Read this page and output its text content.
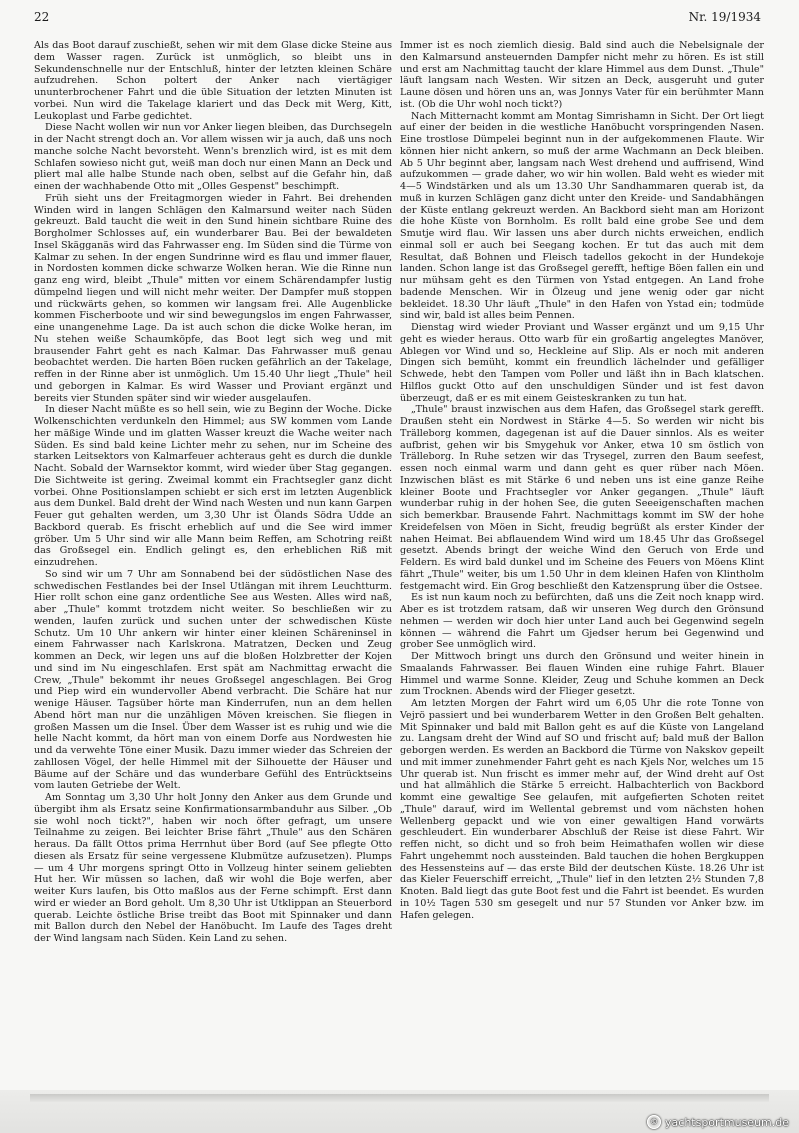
22	Nr. 19/1934

Als das Boot darauf zuschießt, sehen wir mit dem Glase dicke Steine aus dem Wasser ragen. Zurück ist unmöglich, so bleibt uns in Sekundenschnelle nur der Entschluß, hinter der letzten kleinen Schäre aufzudrehen. Schon poltert der Anker nach viertägiger ununterbrochener Fahrt und die üble Situation der letzten Minuten ist vorbei. Nun wird die Takelage klariert und das Deck mit Werg, Kitt, Leukoplast und Farbe gedichtet.

Diese Nacht wollen wir nun vor Anker liegen bleiben, das Durchsegeln in der Nacht strengt doch an. Vor allem wissen wir ja auch, daß uns noch manche solche Nacht bevorsteht. Wenn's brenzlich wird, ist es mit dem Schlafen sowieso nicht gut, weiß man doch nur einen Mann an Deck und pliert mal alle halbe Stunde nach oben, selbst auf die Gefahr hin, daß einen der wachhabende Otto mit „Olles Gespenst" beschimpft.

Früh sieht uns der Freitagmorgen wieder in Fahrt. Bei drehenden Winden wird in langen Schlägen den Kalmarsund weiter nach Süden gekreuzt. Bald taucht die weit in den Sund hinein sichtbare Ruine des Borgholmer Schlosses auf, ein wunderbarer Bau. Bei der bewaldeten Insel Skägganäs wird das Fahrwasser eng. Im Süden sind die Türme von Kalmar zu sehen. In der engen Sundrinne wird es flau und immer flauer, in Nordosten kommen dicke schwarze Wolken heran. Wie die Rinne nun ganz eng wird, bleibt „Thule" mitten vor einem Schärendampfer lustig dümpelnd liegen und will nicht mehr weiter. Der Dampfer muß stoppen und rückwärts gehen, so kommen wir langsam frei. Alle Augenblicke kommen Fischerboote und wir sind bewegungslos im engen Fahrwasser, eine unangenehme Lage. Da ist auch schon die dicke Wolke heran, im Nu stehen weiße Schaumköpfe, das Boot legt sich weg und mit brausender Fahrt geht es nach Kalmar. Das Fahrwasser muß genau beobachtet werden. Die harten Böen rucken gefährlich an der Takelage, reffen in der Rinne aber ist unmöglich. Um 15.40 Uhr liegt „Thule" heil und geborgen in Kalmar. Es wird Wasser und Proviant ergänzt und bereits vier Stunden später sind wir wieder ausgelaufen.

In dieser Nacht müßte es so hell sein, wie zu Beginn der Woche. Dicke Wolkenschichten verdunkeln den Himmel; aus SW kommen vom Lande her mäßige Winde und im glatten Wasser kreuzt die Wache weiter nach Süden. Es sind bald keine Lichter mehr zu sehen, nur im Scheine des starken Leitsektors von Kalmarfeuer achteraus geht es durch die dunkle Nacht. Sobald der Warnsektor kommt, wird wieder über Stag gegangen. Die Sichtweite ist gering. Zweimal kommt ein Frachtsegler ganz dicht vorbei. Ohne Positionslampen schiebt er sich erst im letzten Augenblick aus dem Dunkel. Bald dreht der Wind nach Westen und nun kann Garpen Feuer gut gehalten werden, um 3,30 Uhr ist Ölands Södra Udde an Backbord querab. Es frischt erheblich auf und die See wird immer gröber. Um 5 Uhr sind wir alle Mann beim Reffen, am Schotring reißt das Großsegel ein. Endlich gelingt es, den erheblichen Riß mit einzudrehen.

So sind wir um 7 Uhr am Sonnabend bei der südöstlichen Nase des schwedischen Festlandes bei der Insel Utlängan mit ihrem Leuchtturm. Hier rollt schon eine ganz ordentliche See aus Westen. Alles wird naß, aber „Thule" kommt trotzdem nicht weiter. So beschließen wir zu wenden, laufen zurück und suchen unter der schwedischen Küste Schutz. Um 10 Uhr ankern wir hinter einer kleinen Schäreninsel in einem Fahrwasser nach Karlskrona. Matratzen, Decken und Zeug kommen an Deck, wir legen uns auf die bloßen Holzbretter der Kojen und sind im Nu eingeschlafen. Erst spät am Nachmittag erwacht die Crew, „Thule" bekommt ihr neues Großsegel angeschlagen. Bei Grog und Piep wird ein wundervoller Abend verbracht. Die Schäre hat nur wenige Häuser. Tagsüber hörte man Kinderrufen, nun an dem hellen Abend hört man nur die unzähligen Möven kreischen. Sie fliegen in großen Massen um die Insel. Über dem Wasser ist es ruhig und wie die helle Nacht kommt, da hört man von einem Dorfe aus Nordwesten hie und da verwehte Töne einer Musik. Dazu immer wieder das Schreien der zahllosen Vögel, der helle Himmel mit der Silhouette der Häuser und Bäume auf der Schäre und das wunderbare Gefühl des Entrücktseins vom lauten Getriebe der Welt.

Am Sonntag um 3,30 Uhr holt Jonny den Anker aus dem Grunde und übergibt ihm als Ersatz seine Konfirmationsarmbanduhr aus Silber. „Ob sie wohl noch tickt?", haben wir noch öfter gefragt, um unsere Teilnahme zu zeigen. Bei leichter Brise fährt „Thule" aus den Schären heraus. Da fällt Ottos prima Herrnhut über Bord (auf See pflegte Otto diesen als Ersatz für seine vergessene Klubmütze aufzusetzen). Plumps — um 4 Uhr morgens springt Otto in Vollzeug hinter seinem geliebten Hut her. Wir müssen so lachen, daß wir wohl die Boje werfen, aber weiter Kurs laufen, bis Otto maßlos aus der Ferne schimpft. Erst dann wird er wieder an Bord geholt. Um 8,30 Uhr ist Utklippan an Steuerbord querab. Leichte östliche Brise treibt das Boot mit Spinnaker und dann mit Ballon durch den Nebel der Hanöbucht. Im Laufe des Tages dreht der Wind langsam nach Süden. Kein Land zu sehen.

Immer ist es noch ziemlich diesig. Bald sind auch die Nebelsignale der den Kalmarsund ansteuernden Dampfer nicht mehr zu hören. Es ist still und erst am Nachmittag taucht der klare Himmel aus dem Dunst. „Thule" läuft langsam nach Westen. Wir sitzen an Deck, ausgeruht und guter Laune dösen und hören uns an, was Jonnys Vater für ein berühmter Mann ist. (Ob die Uhr wohl noch tickt?)

Nach Mitternacht kommt am Montag Simrishamn in Sicht. Der Ort liegt auf einer der beiden in die westliche Hanöbucht vorspringenden Nasen. Eine trostlose Dümpelei beginnt nun in der aufgekommenen Flaute. Wir können hier nicht ankern, so muß der arme Wachmann an Deck bleiben. Ab 5 Uhr beginnt aber, langsam nach West drehend und auffrisend, Wind aufzukommen — grade daher, wo wir hin wollen. Bald weht es wieder mit 4—5 Windstärken und als um 13.30 Uhr Sandhammaren querab ist, da muß in kurzen Schlägen ganz dicht unter den Kreide- und Sandabhängen der Küste entlang gekreuzt werden. An Backbord sieht man am Horizont die hohe Küste von Bornholm. Es rollt bald eine grobe See und dem Smutje wird flau. Wir lassen uns aber durch nichts erweichen, endlich einmal soll er auch bei Seegang kochen. Er tut das auch mit dem Resultat, daß Bohnen und Fleisch tadellos gekocht in der Hundekoje landen. Schon lange ist das Großsegel gerefft, heftige Böen fallen ein und nur mühsam geht es den Türmen von Ystad entgegen. An Land frohe badende Menschen. Wir in Ölzeug und jene wenig oder gar nicht bekleidet. 18.30 Uhr läuft „Thule" in den Hafen von Ystad ein; todmüde sind wir, bald ist alles beim Pennen.

Dienstag wird wieder Proviant und Wasser ergänzt und um 9,15 Uhr geht es wieder heraus. Otto warb für ein großartig angelegtes Manöver, Ablegen vor Wind und so, Heckleine auf Slip. Als er noch mit anderen Dingen sich bemüht, kommt ein freundlich lächelnder und gefälliger Schwede, hebt den Tampen vom Poller und läßt ihn in Bach klatschen. Hilflos guckt Otto auf den unschuldigen Sünder und ist fest davon überzeugt, daß er es mit einem Geisteskranken zu tun hat.

„Thule" braust inzwischen aus dem Hafen, das Großsegel stark gerefft. Draußen steht ein Nordwest in Stärke 4—5. So werden wir nicht bis Trälleborg kommen, dagegenan ist auf die Dauer sinnlos. Als es weiter aufbrist, gehen wir bis Smygehuk vor Anker, etwa 10 sm östlich von Trälleborg. In Ruhe setzen wir das Trysegel, zurren den Baum seefest, essen noch einmal warm und dann geht es quer rüber nach Möen. Inzwischen bläst es mit Stärke 6 und neben uns ist eine ganze Reihe kleiner Boote und Frachtsegler vor Anker gegangen. „Thule" läuft wunderbar ruhig in der hohen See, die guten Seeeigenschaften machen sich bemerkbar. Brausende Fahrt. Nachmittags kommt im SW der hohe Kreidefelsen von Möen in Sicht, freudig begrüßt als erster Kinder der nahen Heimat. Bei abflauendem Wind wird um 18.45 Uhr das Großsegel gesetzt. Abends bringt der weiche Wind den Geruch von Erde und Feldern. Es wird bald dunkel und im Scheine des Feuers von Möens Klint fährt „Thule" weiter, bis um 1.50 Uhr in dem kleinen Hafen von Klintholm festgemacht wird. Ein Grog beschließt den Katzensprung über die Ostsee.

Es ist nun kaum noch zu befürchten, daß uns die Zeit noch knapp wird. Aber es ist trotzdem ratsam, daß wir unseren Weg durch den Grönsund nehmen — werden wir doch hier unter Land auch bei Gegenwind segeln können — während die Fahrt um Gjedser herum bei Gegenwind und grober See unmöglich wird.

Der Mittwoch bringt uns durch den Grönsund und weiter hinein in Smaalands Fahrwasser. Bei flauen Winden eine ruhige Fahrt. Blauer Himmel und warme Sonne. Kleider, Zeug und Schuhe kommen an Deck zum Trocknen. Abends wird der Flieger gesetzt.

Am letzten Morgen der Fahrt wird um 6,05 Uhr die rote Tonne von Vejrö passiert und bei wunderbarem Wetter in den Großen Belt gehalten. Mit Spinnaker und bald mit Ballon geht es auf die Küste von Langeland zu. Langsam dreht der Wind auf SO und frischt auf; bald muß der Ballon geborgen werden. Es werden an Backbord die Türme von Nakskov gepeilt und mit immer zunehmender Fahrt geht es nach Kjels Nor, welches um 15 Uhr querab ist. Nun frischt es immer mehr auf, der Wind dreht auf Ost und hat allmählich die Stärke 5 erreicht. Halbachterlich von Backbord kommt eine gewaltige See gelaufen, mit aufgefierten Schoten reitet „Thule" darauf, wird im Wellental gebremst und vom nächsten hohen Wellenberg gepackt und wie von einer gewaltigen Hand vorwärts geschleudert. Ein wunderbarer Abschluß der Reise ist diese Fahrt. Wir reffen nicht, so dicht und so froh beim Heimathafen wollen wir diese Fahrt ungehemmt noch aussteinden. Bald tauchen die hohen Bergkuppen des Hessensteins auf — das erste Bild der deutschen Küste. 18.26 Uhr ist das Kieler Feuerschiff erreicht, „Thule" lief in den letzten 2½ Stunden 7,8 Knoten. Bald liegt das gute Boot fest und die Fahrt ist beendet. Es wurden in 10½ Tagen 530 sm gesegelt und nur 57 Stunden vor Anker bzw. im Hafen gelegen.

© yachtsportmuseum.de
